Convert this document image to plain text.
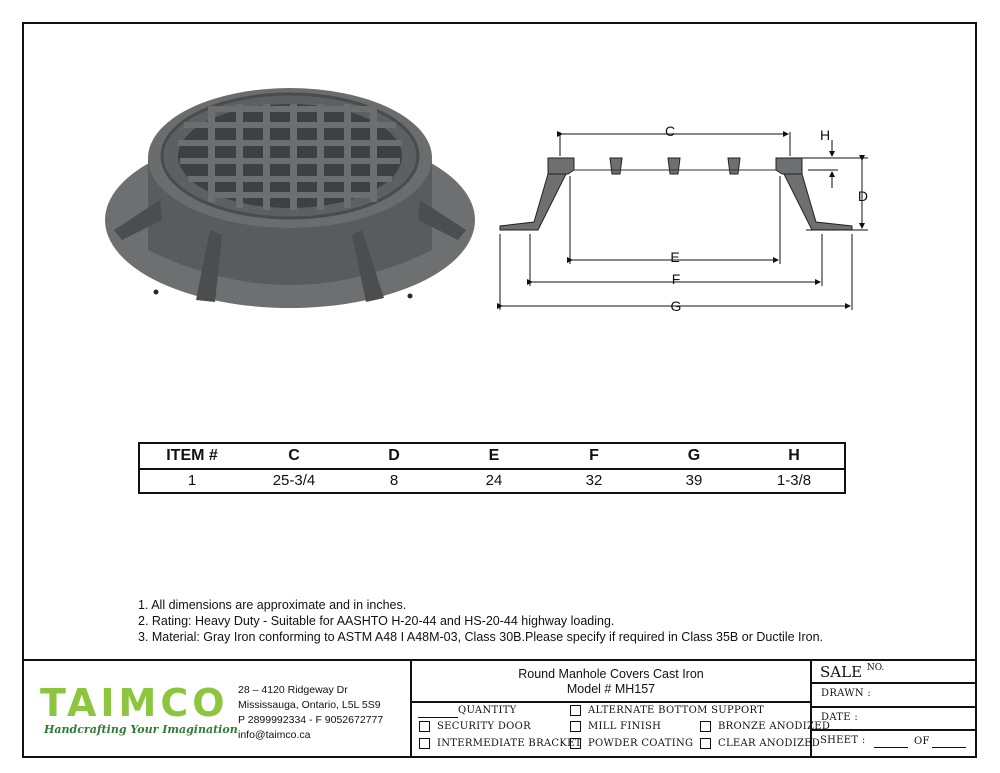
C	H
D
E
F
G
ITEM #	C	D	E	F	G	H
1	25-3/4	8	24	32	39	1-3/8
1. All dimensions are approximate and in inches.
2. Rating: Heavy Duty - Suitable for AASHTO H-20-44 and HS-20-44 highway loading.
3. Material: Gray Iron conforming to ASTM A48 I A48M-03, Class 30B.Please specify if required in Class 35B or Ductile Iron.
TAIMCO
Handcrafting Your Imagination
28 – 4120 Ridgeway Dr
Mississauga, Ontario, L5L 5S9
P 2899992334 - F 9052672777
info@taimco.ca
Round Manhole Covers Cast Iron
Model # MH157
QUANTITY	ALTERNATE BOTTOM SUPPORT
SECURITY DOOR	MILL FINISH	BRONZE ANODIZED
INTERMEDIATE BRACKET POWDER COATING CLEAR ANODIZED
SALE $^{NO.}$
DRAWN :
DATE :
SHEET :	OF
